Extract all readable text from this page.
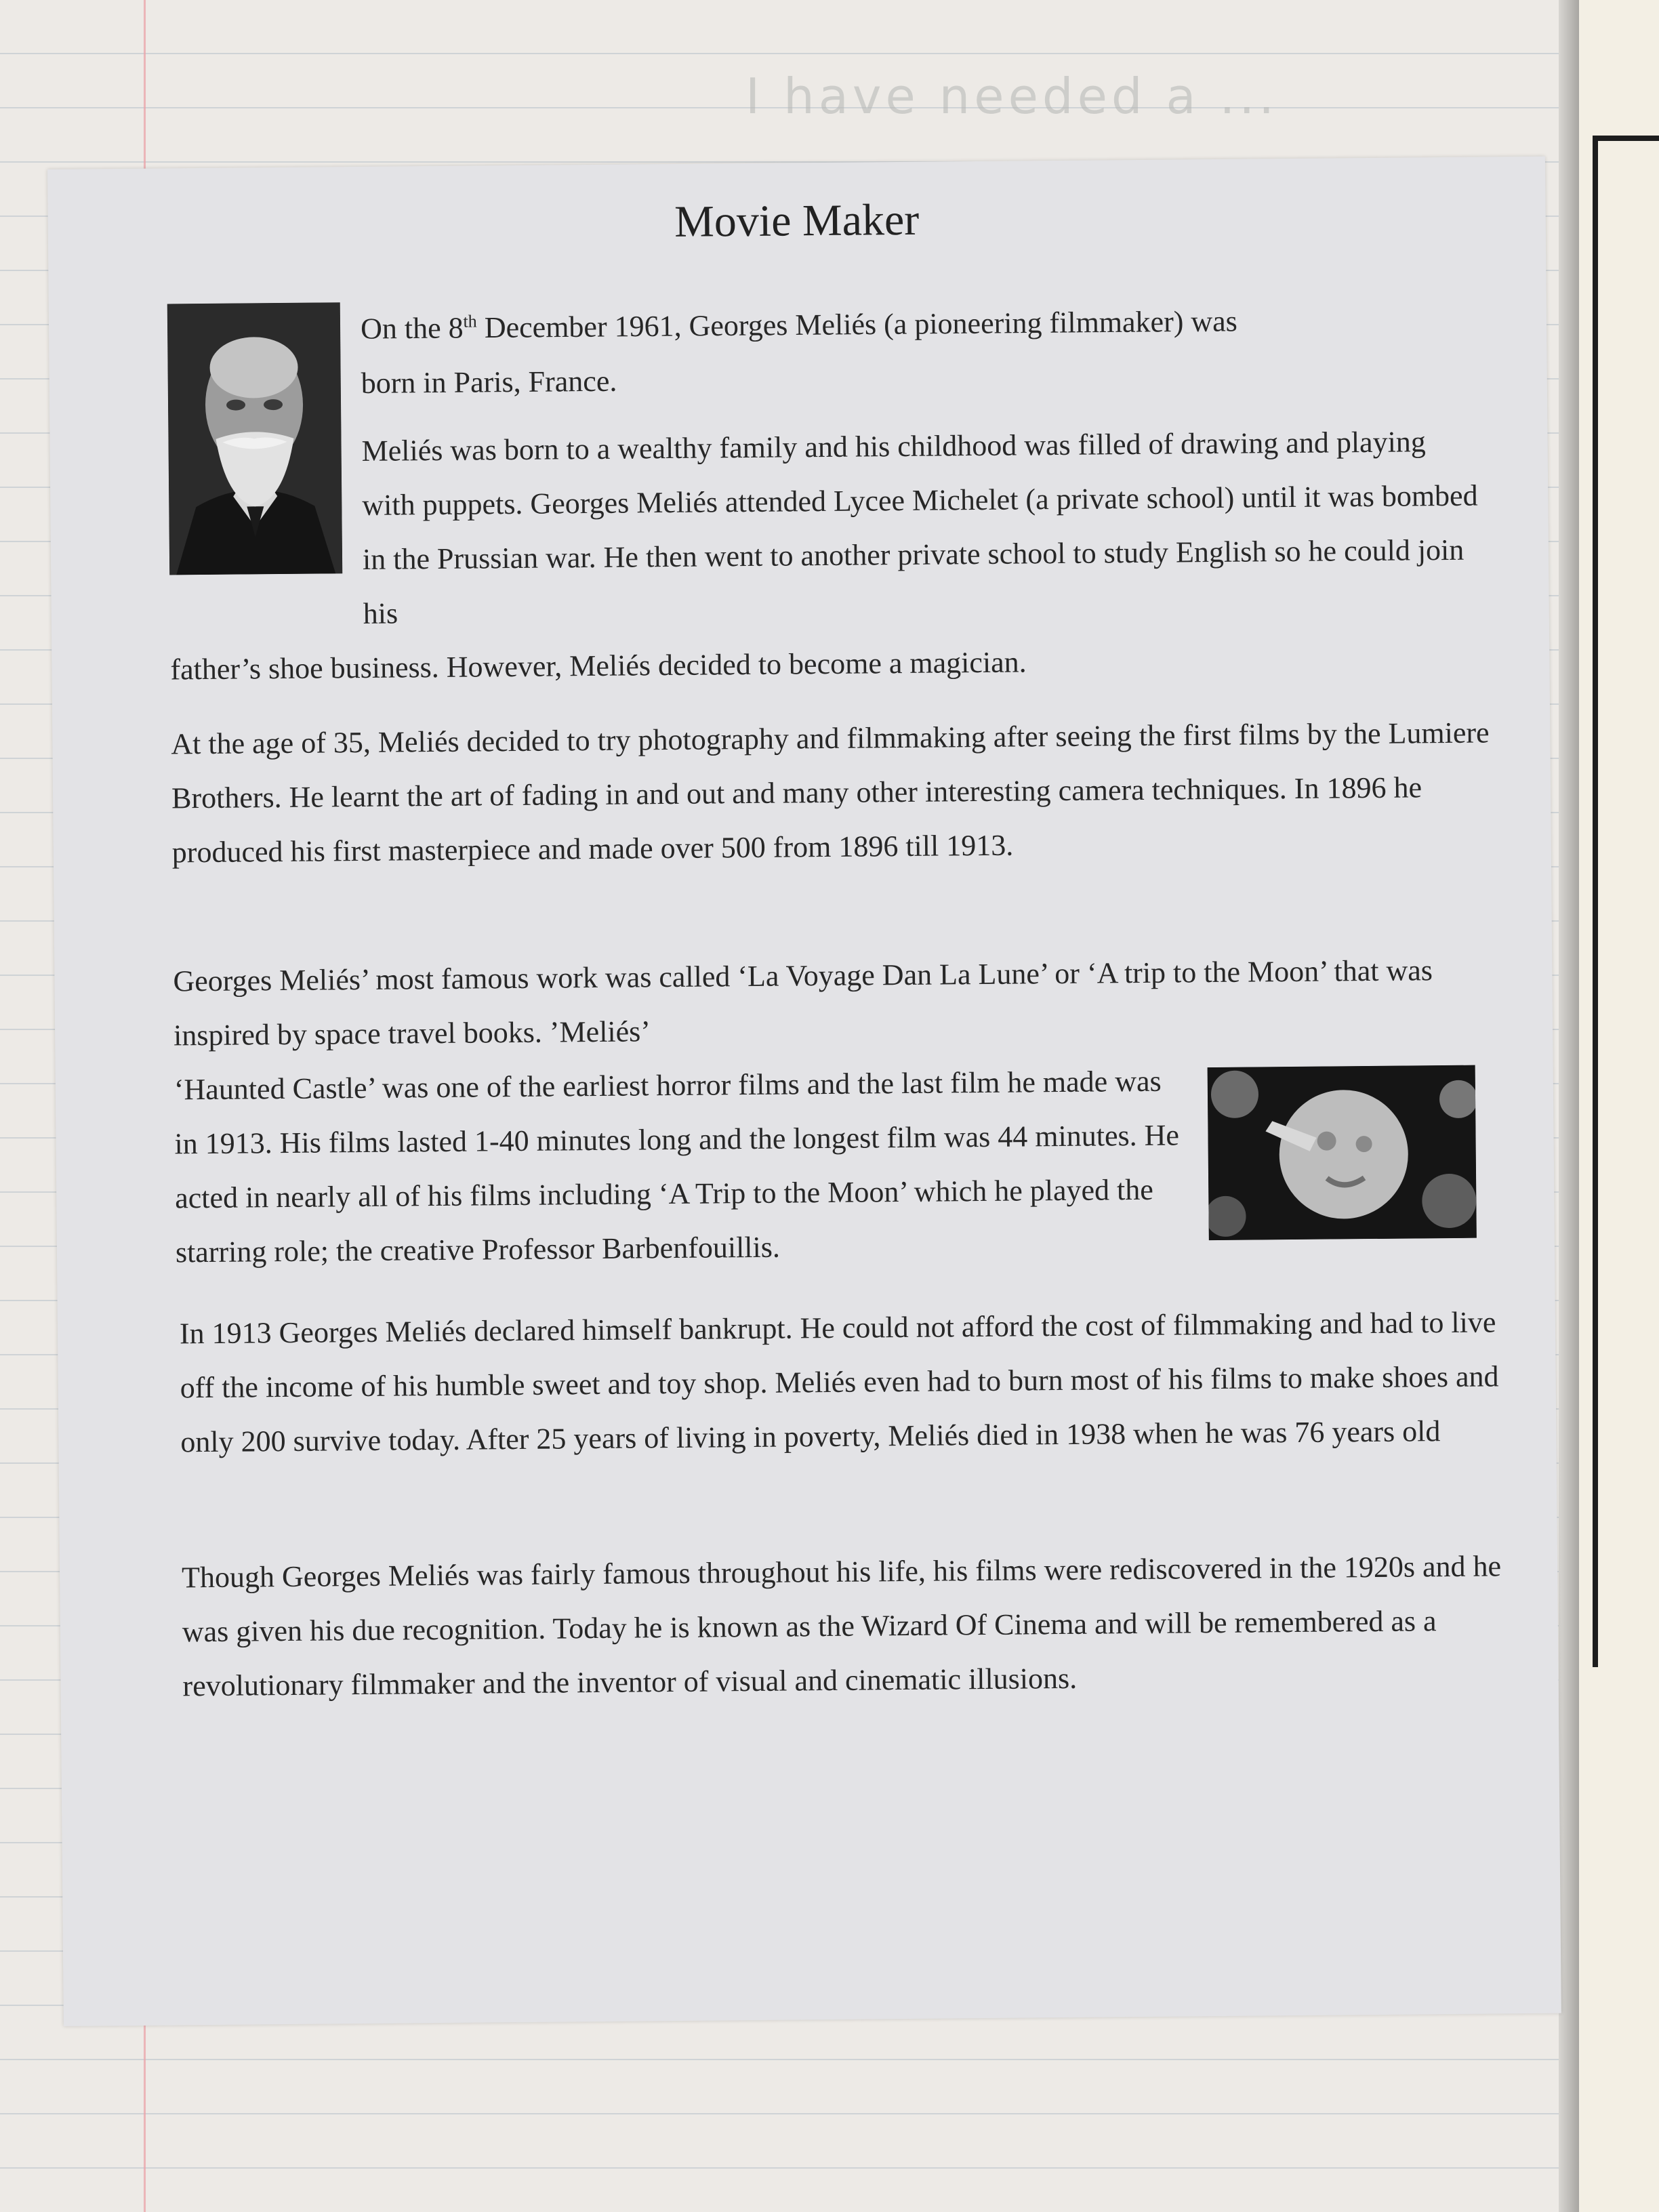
I have needed a ...
Movie Maker
On the 8th December 1961, Georges Meliés (a pioneering filmmaker) was
born in Paris, France.
Meliés was born to a wealthy family and his childhood was filled of drawing and playing with puppets. Georges Meliés attended Lycee Michelet (a private school) until it was bombed in the Prussian war. He then went to another private school to study English so he could join his
father’s shoe business. However, Meliés decided to become a magician.
At the age of 35, Meliés decided to try photography and filmmaking after seeing the first films by the Lumiere Brothers. He learnt the art of fading in and out and many other interesting camera techniques. In 1896 he produced his first masterpiece and made over 500 from 1896 till 1913.
Georges Meliés’ most famous work was called ‘La Voyage Dan La Lune’ or ‘A trip to the Moon’ that was inspired by space travel books. ’Meliés’
‘Haunted Castle’ was one of the earliest horror films and the last film he made was in 1913. His films lasted 1-40 minutes long and the longest film was 44 minutes. He acted in nearly all of his films including ‘A Trip to the Moon’ which he played the starring role; the creative Professor Barbenfouillis.
In 1913 Georges Meliés declared himself bankrupt. He could not afford the cost of filmmaking and had to live off the income of his humble sweet and toy shop. Meliés even had to burn most of his films to make shoes and only 200 survive today. After 25 years of living in poverty, Meliés died in 1938 when he was 76 years old
Though Georges Meliés was fairly famous throughout his life, his films were rediscovered in the 1920s and he was given his due recognition. Today he is known as the Wizard Of Cinema and will be remembered as a revolutionary filmmaker and the inventor of visual and cinematic illusions.
